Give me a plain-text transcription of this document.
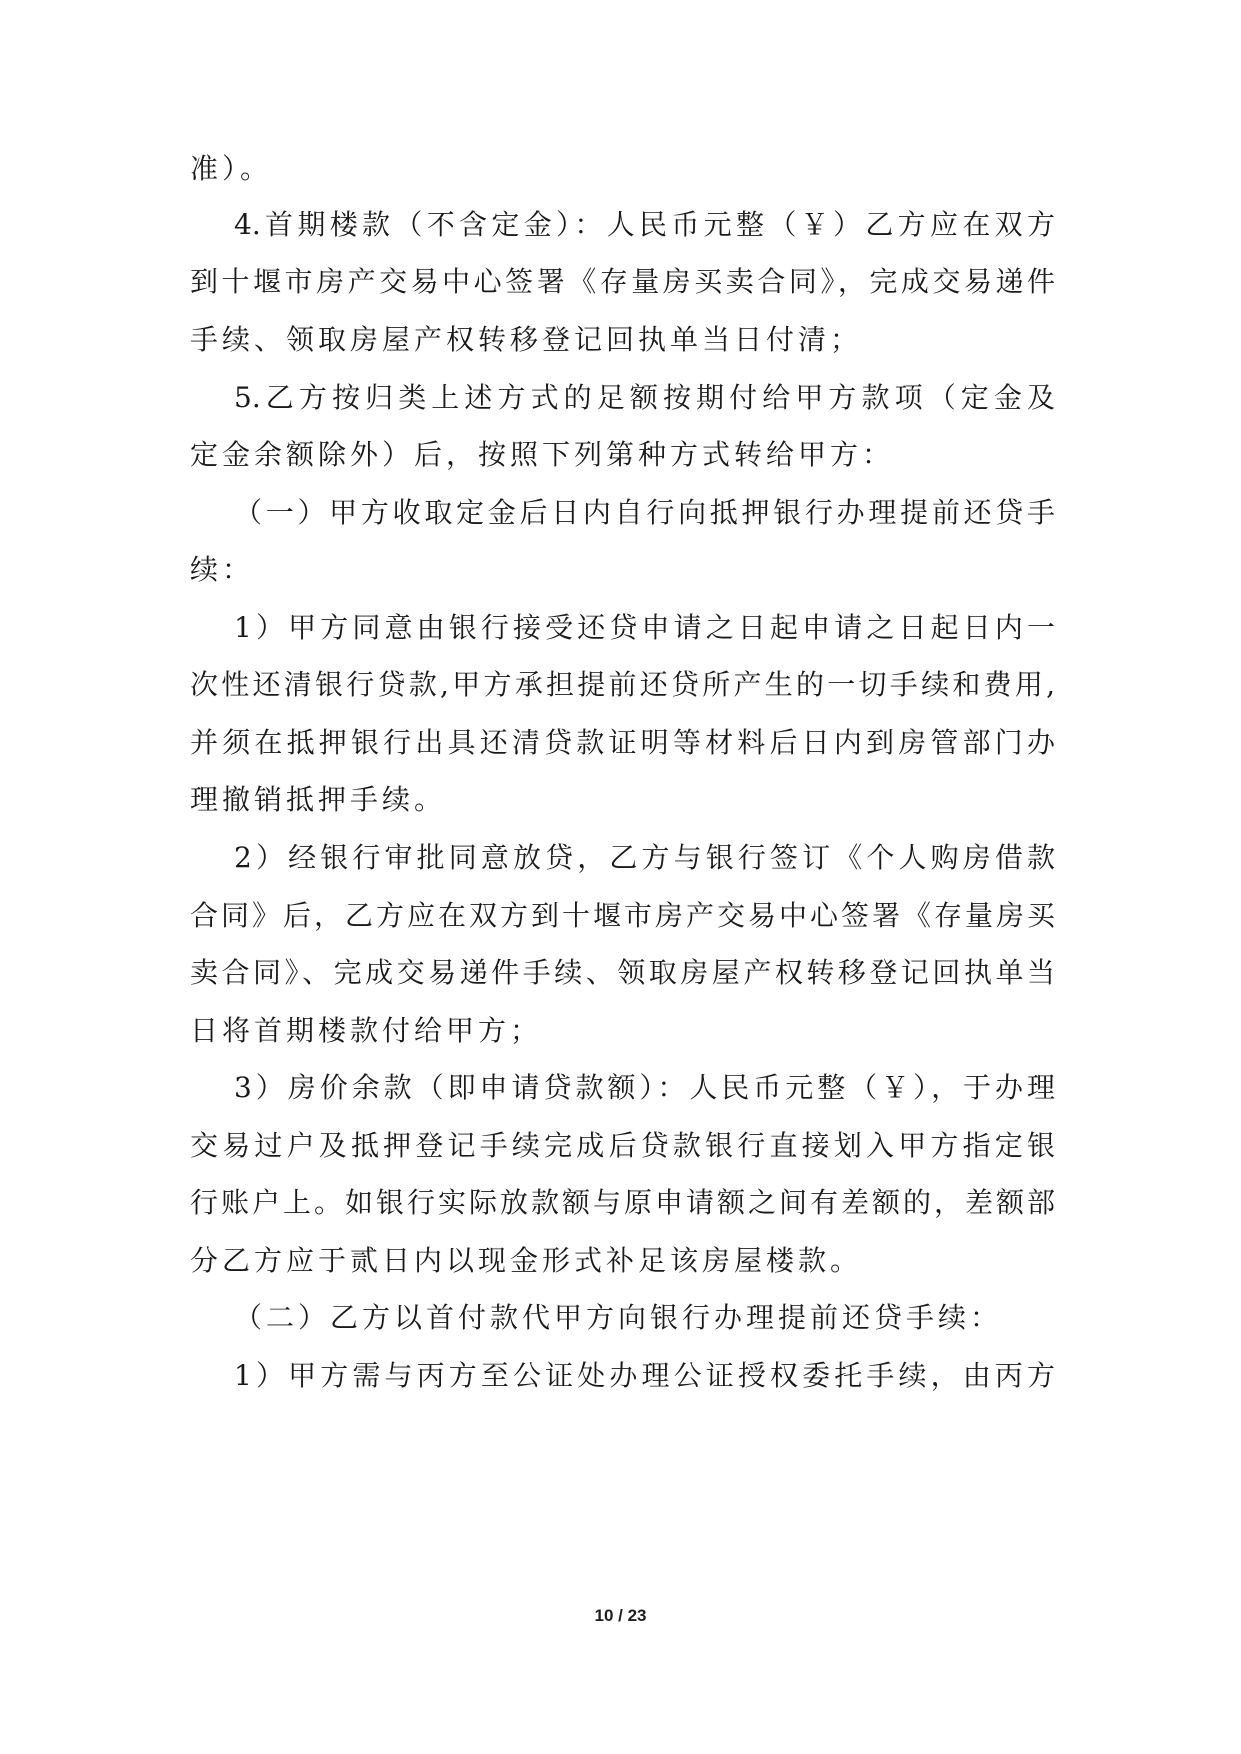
准）。
4.首期楼款（不含定金）：人民币元整（￥）乙方应在双方
到十堰市房产交易中心签署《存量房买卖合同》，完成交易递件
手续、领取房屋产权转移登记回执单当日付清；
5.乙方按归类上述方式的足额按期付给甲方款项（定金及
定金余额除外）后，按照下列第种方式转给甲方：
（一）甲方收取定金后日内自行向抵押银行办理提前还贷手
续：
1）甲方同意由银行接受还贷申请之日起申请之日起日内一
次性还清银行贷款,甲方承担提前还贷所产生的一切手续和费用,
并须在抵押银行出具还清贷款证明等材料后日内到房管部门办
理撤销抵押手续。
2）经银行审批同意放贷，乙方与银行签订《个人购房借款
合同》后，乙方应在双方到十堰市房产交易中心签署《存量房买
卖合同》、完成交易递件手续、领取房屋产权转移登记回执单当
日将首期楼款付给甲方；
3）房价余款（即申请贷款额）：人民币元整（￥），于办理
交易过户及抵押登记手续完成后贷款银行直接划入甲方指定银
行账户上。如银行实际放款额与原申请额之间有差额的，差额部
分乙方应于贰日内以现金形式补足该房屋楼款。
（二）乙方以首付款代甲方向银行办理提前还贷手续：
1）甲方需与丙方至公证处办理公证授权委托手续，由丙方
10 / 23
